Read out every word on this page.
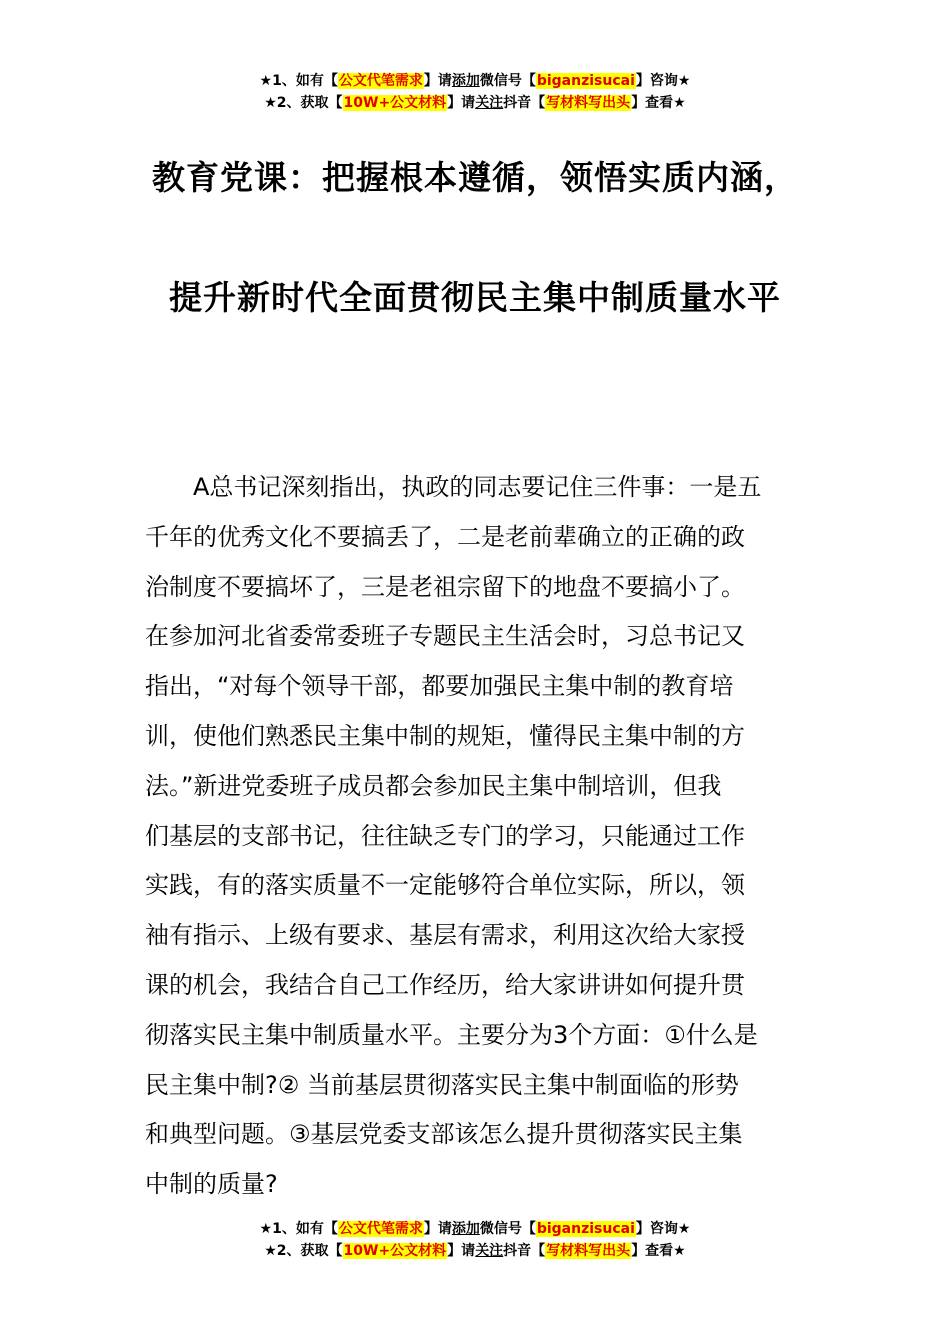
★1、如有【公文代笔需求】请添加微信号【biganzisucai】咨询★
★2、获取【10W+公文材料】请关注抖音【写材料写出头】查看★
教育党课：把握根本遵循，领悟实质内涵，
提升新时代全面贯彻民主集中制质量水平
A总书记深刻指出，执政的同志要记住三件事：一是五
千年的优秀文化不要搞丢了，二是老前辈确立的正确的政
治制度不要搞坏了，三是老祖宗留下的地盘不要搞小了。
在参加河北省委常委班子专题民主生活会时，习总书记又
指出，“对每个领导干部，都要加强民主集中制的教育培
训，使他们熟悉民主集中制的规矩，懂得民主集中制的方
法。”新进党委班子成员都会参加民主集中制培训，但我
们基层的支部书记，往往缺乏专门的学习，只能通过工作
实践，有的落实质量不一定能够符合单位实际，所以，领
袖有指示、上级有要求、基层有需求，利用这次给大家授
课的机会，我结合自己工作经历，给大家讲讲如何提升贯
彻落实民主集中制质量水平。主要分为3个方面：①什么是
民主集中制?② 当前基层贯彻落实民主集中制面临的形势
和典型问题。③基层党委支部该怎么提升贯彻落实民主集
中制的质量?
★1、如有【公文代笔需求】请添加微信号【biganzisucai】咨询★
★2、获取【10W+公文材料】请关注抖音【写材料写出头】查看★
